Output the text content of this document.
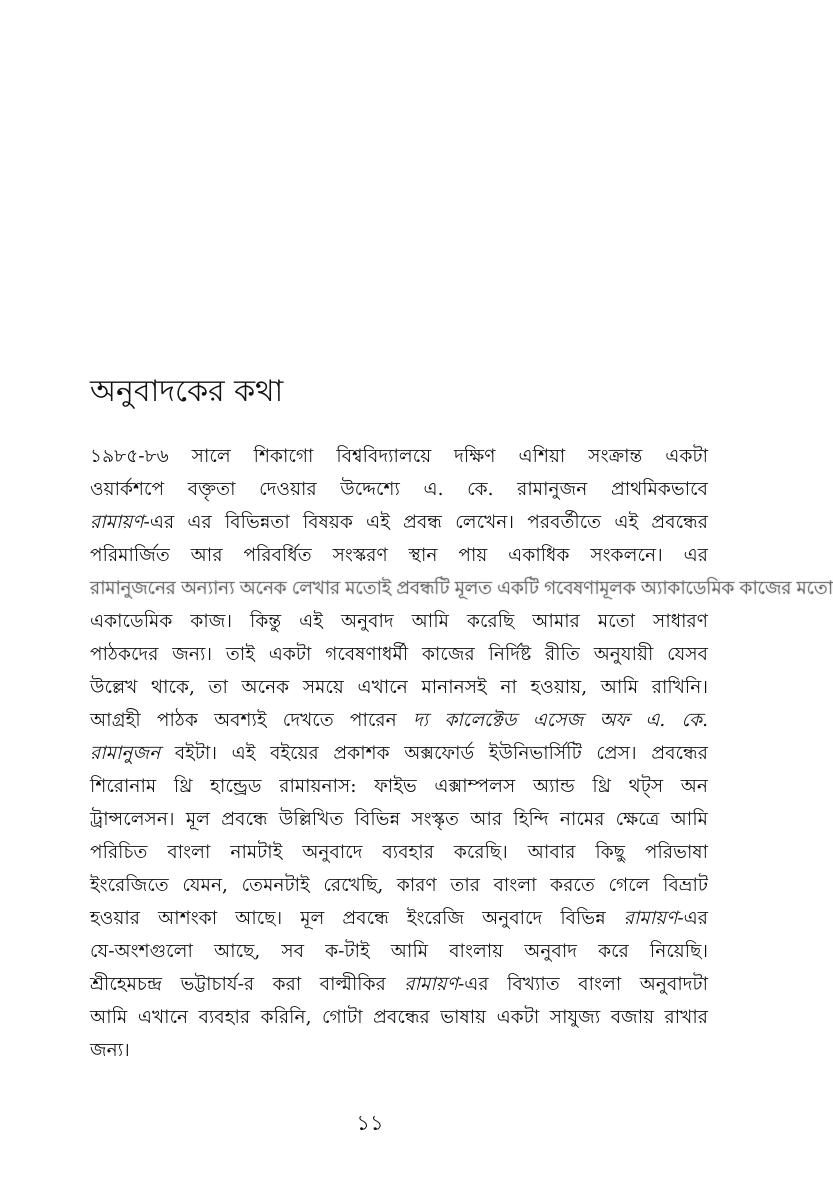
অনুবাদকের কথা
১৯৮৫-৮৬ সালে শিকাগো বিশ্ববিদ্যালয়ে দক্ষিণ এশিয়া সংক্রান্ত একটা
ওয়ার্কশপে বক্তৃতা দেওয়ার উদ্দেশ্যে এ. কে. রামানুজন প্রাথমিকভাবে
রামায়ণ-এর এর বিভিন্নতা বিষয়ক এই প্রবন্ধ লেখেন। পরবর্তীতে এই প্রবন্ধের
পরিমার্জিত আর পরিবর্ধিত সংস্করণ স্থান পায় একাধিক সংকলনে। এর
রামানুজনের অন্যান্য অনেক লেখার মতোই প্রবন্ধটি মূলত একটি গবেষণামূলক অ্যাকাডেমিক কাজের মতো
একাডেমিক কাজ। কিন্তু এই অনুবাদ আমি করেছি আমার মতো সাধারণ
পাঠকদের জন্য। তাই একটা গবেষণাধর্মী কাজের নির্দিষ্ট রীতি অনুযায়ী যেসব
উল্লেখ থাকে, তা অনেক সময়ে এখানে মানানসই না হওয়ায়, আমি রাখিনি।
আগ্রহী পাঠক অবশ্যই দেখতে পারেন দ্য কালেক্টেড এসেজ অফ এ. কে.
রামানুজন বইটা। এই বইয়ের প্রকাশক অক্সফোর্ড ইউনিভার্সিটি প্রেস। প্রবন্ধের
শিরোনাম থ্রি হান্ড্রেড রামায়নাস: ফাইভ এক্সাম্পলস অ্যান্ড থ্রি থট্‌স অন
ট্রান্সলেসন। মূল প্রবন্ধে উল্লিখিত বিভিন্ন সংস্কৃত আর হিন্দি নামের ক্ষেত্রে আমি
পরিচিত বাংলা নামটাই অনুবাদে ব্যবহার করেছি। আবার কিছু পরিভাষা
ইংরেজিতে যেমন, তেমনটাই রেখেছি, কারণ তার বাংলা করতে গেলে বিভ্রাট
হওয়ার আশংকা আছে। মূল প্রবন্ধে ইংরেজি অনুবাদে বিভিন্ন রামায়ণ-এর
যে-অংশগুলো আছে, সব ক-টাই আমি বাংলায় অনুবাদ করে নিয়েছি।
শ্রীহেমচন্দ্র ভট্টাচার্য-র করা বাল্মীকির রামায়ণ-এর বিখ্যাত বাংলা অনুবাদটা
আমি এখানে ব্যবহার করিনি, গোটা প্রবন্ধের ভাষায় একটা সাযুজ্য বজায় রাখার
জন্য।
১১
